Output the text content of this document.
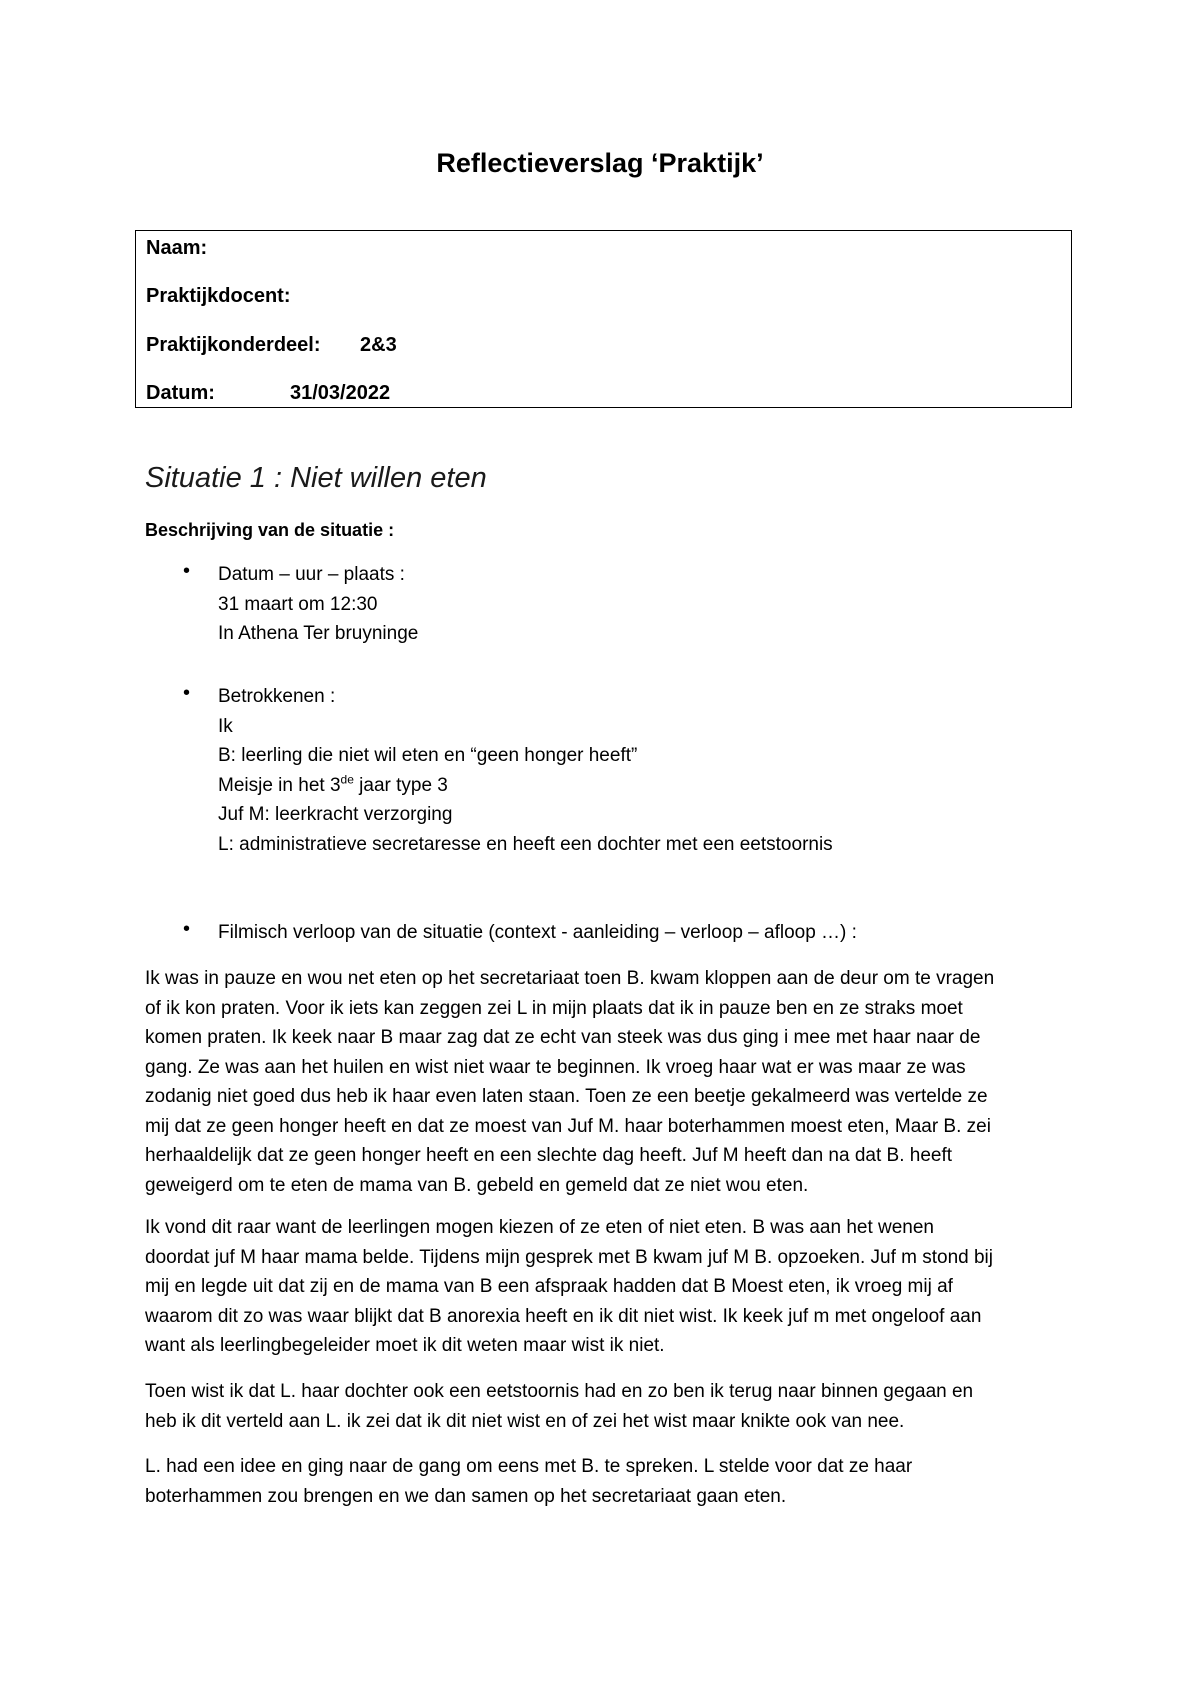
Reflectieverslag ‘Praktijk’
Naam:
Praktijkdocent:
Praktijkonderdeel: 2&3
Datum:	31/03/2022
Situatie 1 : Niet willen eten
Beschrijving van de situatie :
• Datum – uur – plaats :
31 maart om 12:30
In Athena Ter bruyninge
• Betrokkenen :
Ik
B: leerling die niet wil eten en “geen honger heeft”
Meisje in het 3de jaar type 3
Juf M: leerkracht verzorging
L: administratieve secretaresse en heeft een dochter met een eetstoornis
• Filmisch verloop van de situatie (context - aanleiding – verloop – afloop …) :
Ik was in pauze en wou net eten op het secretariaat toen B. kwam kloppen aan de deur om te vragen
of ik kon praten. Voor ik iets kan zeggen zei L in mijn plaats dat ik in pauze ben en ze straks moet
komen praten. Ik keek naar B maar zag dat ze echt van steek was dus ging i mee met haar naar de
gang. Ze was aan het huilen en wist niet waar te beginnen. Ik vroeg haar wat er was maar ze was
zodanig niet goed dus heb ik haar even laten staan. Toen ze een beetje gekalmeerd was vertelde ze
mij dat ze geen honger heeft en dat ze moest van Juf M. haar boterhammen moest eten, Maar B. zei
herhaaldelijk dat ze geen honger heeft en een slechte dag heeft. Juf M heeft dan na dat B. heeft
geweigerd om te eten de mama van B. gebeld en gemeld dat ze niet wou eten.
Ik vond dit raar want de leerlingen mogen kiezen of ze eten of niet eten. B was aan het wenen
doordat juf M haar mama belde. Tijdens mijn gesprek met B kwam juf M B. opzoeken. Juf m stond bij
mij en legde uit dat zij en de mama van B een afspraak hadden dat B Moest eten, ik vroeg mij af
waarom dit zo was waar blijkt dat B anorexia heeft en ik dit niet wist. Ik keek juf m met ongeloof aan
want als leerlingbegeleider moet ik dit weten maar wist ik niet.
Toen wist ik dat L. haar dochter ook een eetstoornis had en zo ben ik terug naar binnen gegaan en
heb ik dit verteld aan L. ik zei dat ik dit niet wist en of zei het wist maar knikte ook van nee.
L. had een idee en ging naar de gang om eens met B. te spreken. L stelde voor dat ze haar
boterhammen zou brengen en we dan samen op het secretariaat gaan eten.
